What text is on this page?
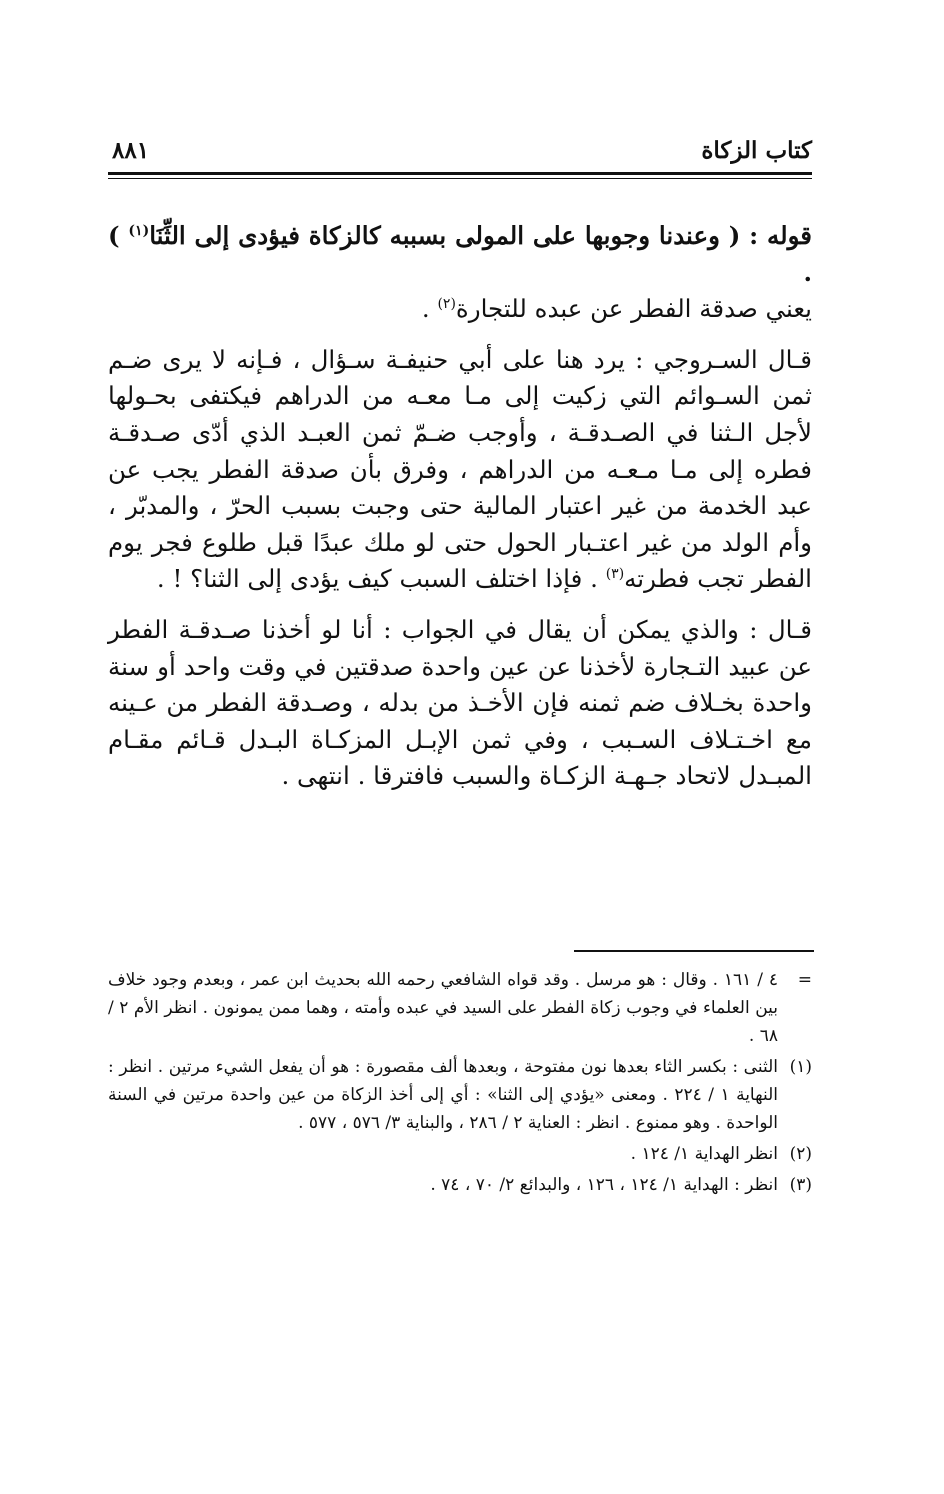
كتاب الزكاة
٨٨١

قوله : ( وعندنا وجوبها على المولى بسببه كالزكاة فيؤدى إلى الثِّنَا$^{(١)}$ ) .
يعني صدقة الفطر عن عبده للتجارة$^{(٢)}$ .

قـال السـروجي : يرد هنا على أبي حنيفـة سـؤال ، فـإنه لا يرى ضـم ثمن السـوائم التي زكيت إلى مـا معـه من الدراهم فيكتفى بحـولها لأجل الـثنا في الصـدقـة ، وأوجب ضـمّ ثمن العبـد الذي أدّى صـدقـة فطره إلى مـا مـعـه من الدراهم ، وفرق بأن صدقة الفطر يجب عن عبد الخدمة من غير اعتبار المالية حتى وجبت بسبب الحرّ ، والمدبّر ، وأم الولد من غير اعتـبار الحول حتى لو ملك عبدًا قبل طلوع فجر يوم الفطر تجب فطرته$^{(٣)}$ . فإذا اختلف السبب كيف يؤدى إلى الثنا؟ ! .

قـال : والذي يمكن أن يقال في الجواب : أنا لو أخذنا صـدقـة الفطر عن عبيد التـجارة لأخذنا عن عين واحدة صدقتين في وقت واحد أو سنة واحدة بخـلاف ضم ثمنه فإن الأخـذ من بدله ، وصـدقة الفطر من عـينه مع اخـتـلاف السـبب ، وفي ثمن الإبـل المزكـاة البـدل قـائم مقـام المبـدل لاتحاد جـهـة الزكـاة والسبب فافترقا . انتهى .

=
٤ / ١٦١ . وقال : هو مرسل . وقد قواه الشافعي رحمه الله بحديث ابن عمر ، وبعدم وجود خلاف بين العلماء في وجوب زكاة الفطر على السيد في عبده وأمته ، وهما ممن يمونون . انظر الأم ٢ / ٦٨ .
(١)
الثنى : بكسر الثاء بعدها نون مفتوحة ، وبعدها ألف مقصورة : هو أن يفعل الشيء مرتين . انظر : النهاية ١ / ٢٢٤ . ومعنى «يؤدي إلى الثنا» : أي إلى أخذ الزكاة من عين واحدة مرتين في السنة الواحدة . وهو ممنوع . انظر : العناية ٢ / ٢٨٦ ، والبناية ٣/ ٥٧٦ ، ٥٧٧ .
(٢)
انظر الهداية ١/ ١٢٤ .
(٣)
انظر : الهداية ١/ ١٢٤ ، ١٢٦ ، والبدائع ٢/ ٧٠ ، ٧٤ .
